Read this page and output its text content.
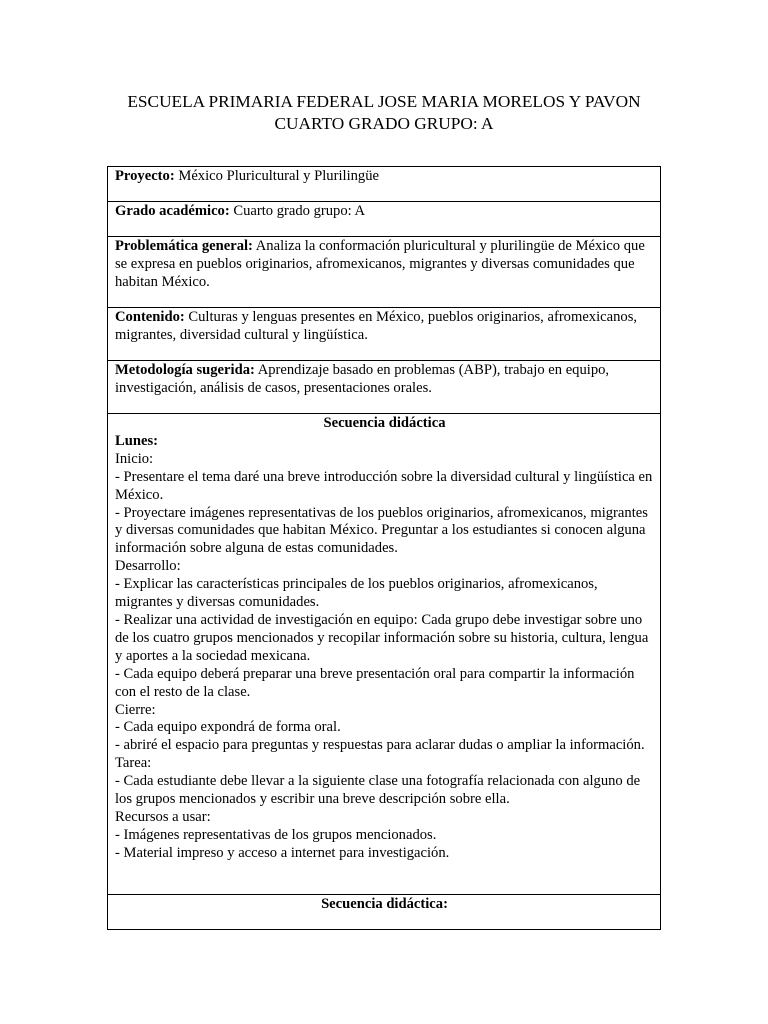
ESCUELA PRIMARIA FEDERAL JOSE MARIA MORELOS Y PAVON
CUARTO GRADO GRUPO: A
Proyecto: México Pluricultural y Plurilingüe
Grado académico: Cuarto grado grupo: A
Problemática general: Analiza la conformación pluricultural y plurilingüe de México que se expresa en pueblos originarios, afromexicanos, migrantes y diversas comunidades que habitan México.
Contenido: Culturas y lenguas presentes en México, pueblos originarios, afromexicanos, migrantes, diversidad cultural y lingüística.
Metodología sugerida: Aprendizaje basado en problemas (ABP), trabajo en equipo, investigación, análisis de casos, presentaciones orales.

Secuencia didáctica
Lunes:
Inicio:
- Presentare el tema daré una breve introducción sobre la diversidad cultural y lingüística en México.
- Proyectare imágenes representativas de los pueblos originarios, afromexicanos, migrantes y diversas comunidades que habitan México. Preguntar a los estudiantes si conocen alguna información sobre alguna de estas comunidades.
Desarrollo:
- Explicar las características principales de los pueblos originarios, afromexicanos, migrantes y diversas comunidades.
- Realizar una actividad de investigación en equipo: Cada grupo debe investigar sobre uno de los cuatro grupos mencionados y recopilar información sobre su historia, cultura, lengua y aportes a la sociedad mexicana.
- Cada equipo deberá preparar una breve presentación oral para compartir la información con el resto de la clase.
Cierre:
- Cada equipo expondrá de forma oral.
- abriré el espacio para preguntas y respuestas para aclarar dudas o ampliar la información.
Tarea:
- Cada estudiante debe llevar a la siguiente clase una fotografía relacionada con alguno de los grupos mencionados y escribir una breve descripción sobre ella.
Recursos a usar:
- Imágenes representativas de los grupos mencionados.
- Material impreso y acceso a internet para investigación.

Secuencia didáctica:
